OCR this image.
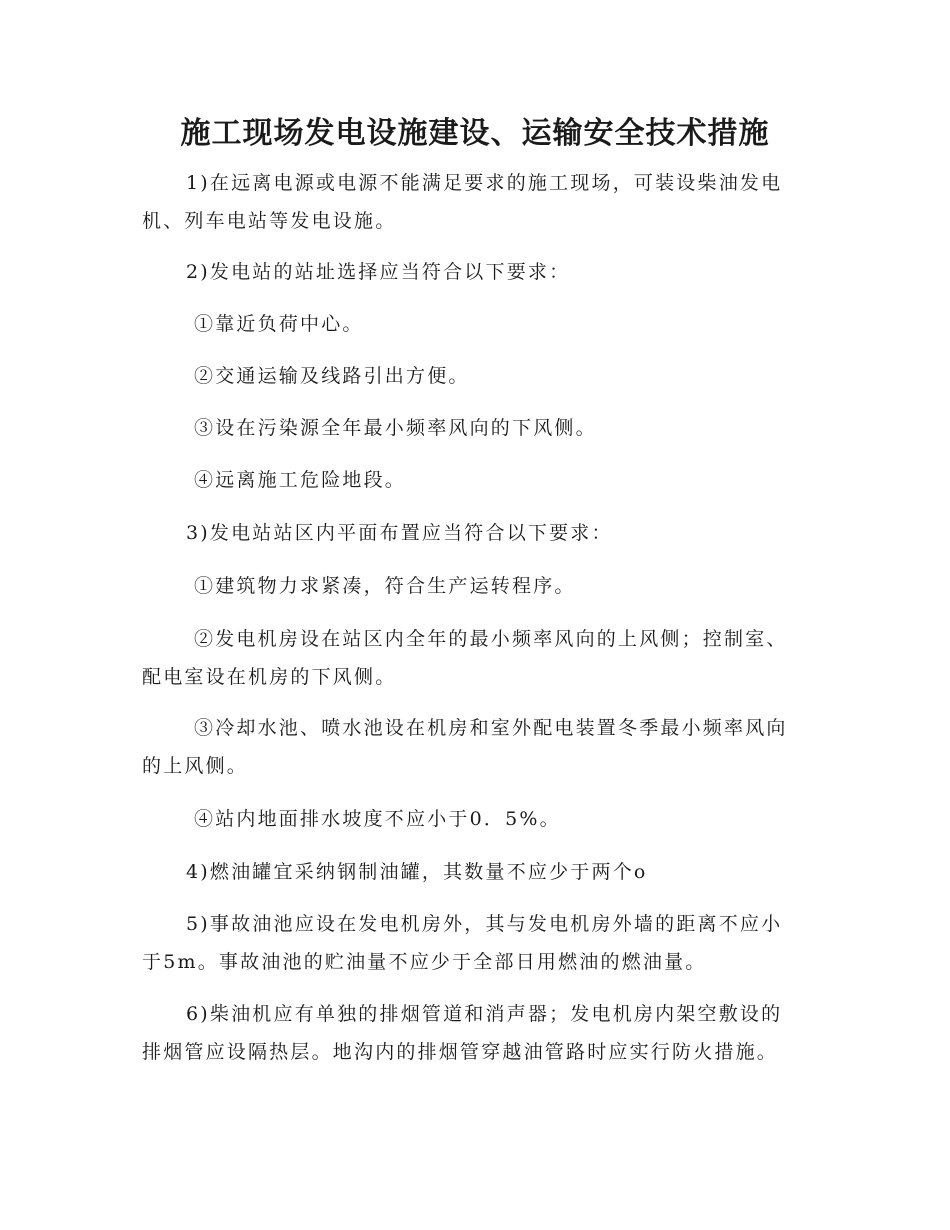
施工现场发电设施建设、运输安全技术措施
1)在远离电源或电源不能满足要求的施工现场，可装设柴油发电
机、列车电站等发电设施。
2)发电站的站址选择应当符合以下要求：
①靠近负荷中心。
②交通运输及线路引出方便。
③设在污染源全年最小频率风向的下风侧。
④远离施工危险地段。
3)发电站站区内平面布置应当符合以下要求：
①建筑物力求紧凑，符合生产运转程序。
②发电机房设在站区内全年的最小频率风向的上风侧；控制室、
配电室设在机房的下风侧。
③冷却水池、喷水池设在机房和室外配电装置冬季最小频率风向
的上风侧。
④站内地面排水坡度不应小于0．5%。
4)燃油罐宜采纳钢制油罐，其数量不应少于两个o
5)事故油池应设在发电机房外，其与发电机房外墙的距离不应小
于5m。事故油池的贮油量不应少于全部日用燃油的燃油量。
6)柴油机应有单独的排烟管道和消声器；发电机房内架空敷设的
排烟管应设隔热层。地沟内的排烟管穿越油管路时应实行防火措施。
